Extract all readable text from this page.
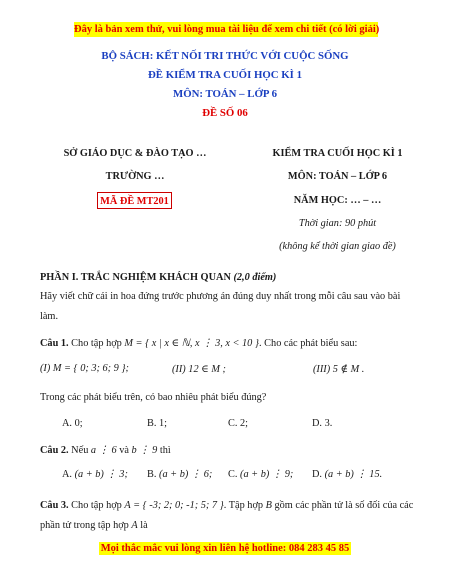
Đây là bản xem thử, vui lòng mua tài liệu để xem chi tiết (có lời giải)
BỘ SÁCH: KẾT NỐI TRI THỨC VỚI CUỘC SỐNG
ĐỀ KIỂM TRA CUỐI HỌC KÌ 1
MÔN: TOÁN – LỚP 6
ĐỀ SỐ 06
SỞ GIÁO DỤC & ĐÀO TẠO …
TRƯỜNG …
MÃ ĐỀ MT201
KIỂM TRA CUỐI HỌC KÌ 1
MÔN: TOÁN – LỚP 6
NĂM HỌC: … – …
Thời gian: 90 phút
(không kể thời gian giao đề)
PHẦN I. TRẮC NGHIỆM KHÁCH QUAN (2,0 điểm)
Hãy viết chữ cái in hoa đứng trước phương án đúng duy nhất trong mỗi câu sau vào bài
làm.
Câu 1. Cho tập hợp M = { x | x ∈ ℕ, x ⋮ 3, x < 10 }. Cho các phát biểu sau:
(I) M = { 0; 3; 6; 9 };	(II) 12 ∈ M ;	(III) 5 ∉ M .
Trong các phát biểu trên, có bao nhiêu phát biểu đúng?
A. 0;	B. 1;	C. 2;	D. 3.
Câu 2. Nếu a ⋮ 6 và b ⋮ 9 thì
A. (a + b) ⋮ 3; B. (a + b) ⋮ 6; C. (a + b) ⋮ 9; D. (a + b) ⋮ 15.
Câu 3. Cho tập hợp A = { -3; 2; 0; -1; 5; 7 }. Tập hợp B gồm các phần tử là số đối của các
phần tử trong tập hợp A là
Mọi thắc mắc vui lòng xin liên hệ hotline: 084 283 45 85
